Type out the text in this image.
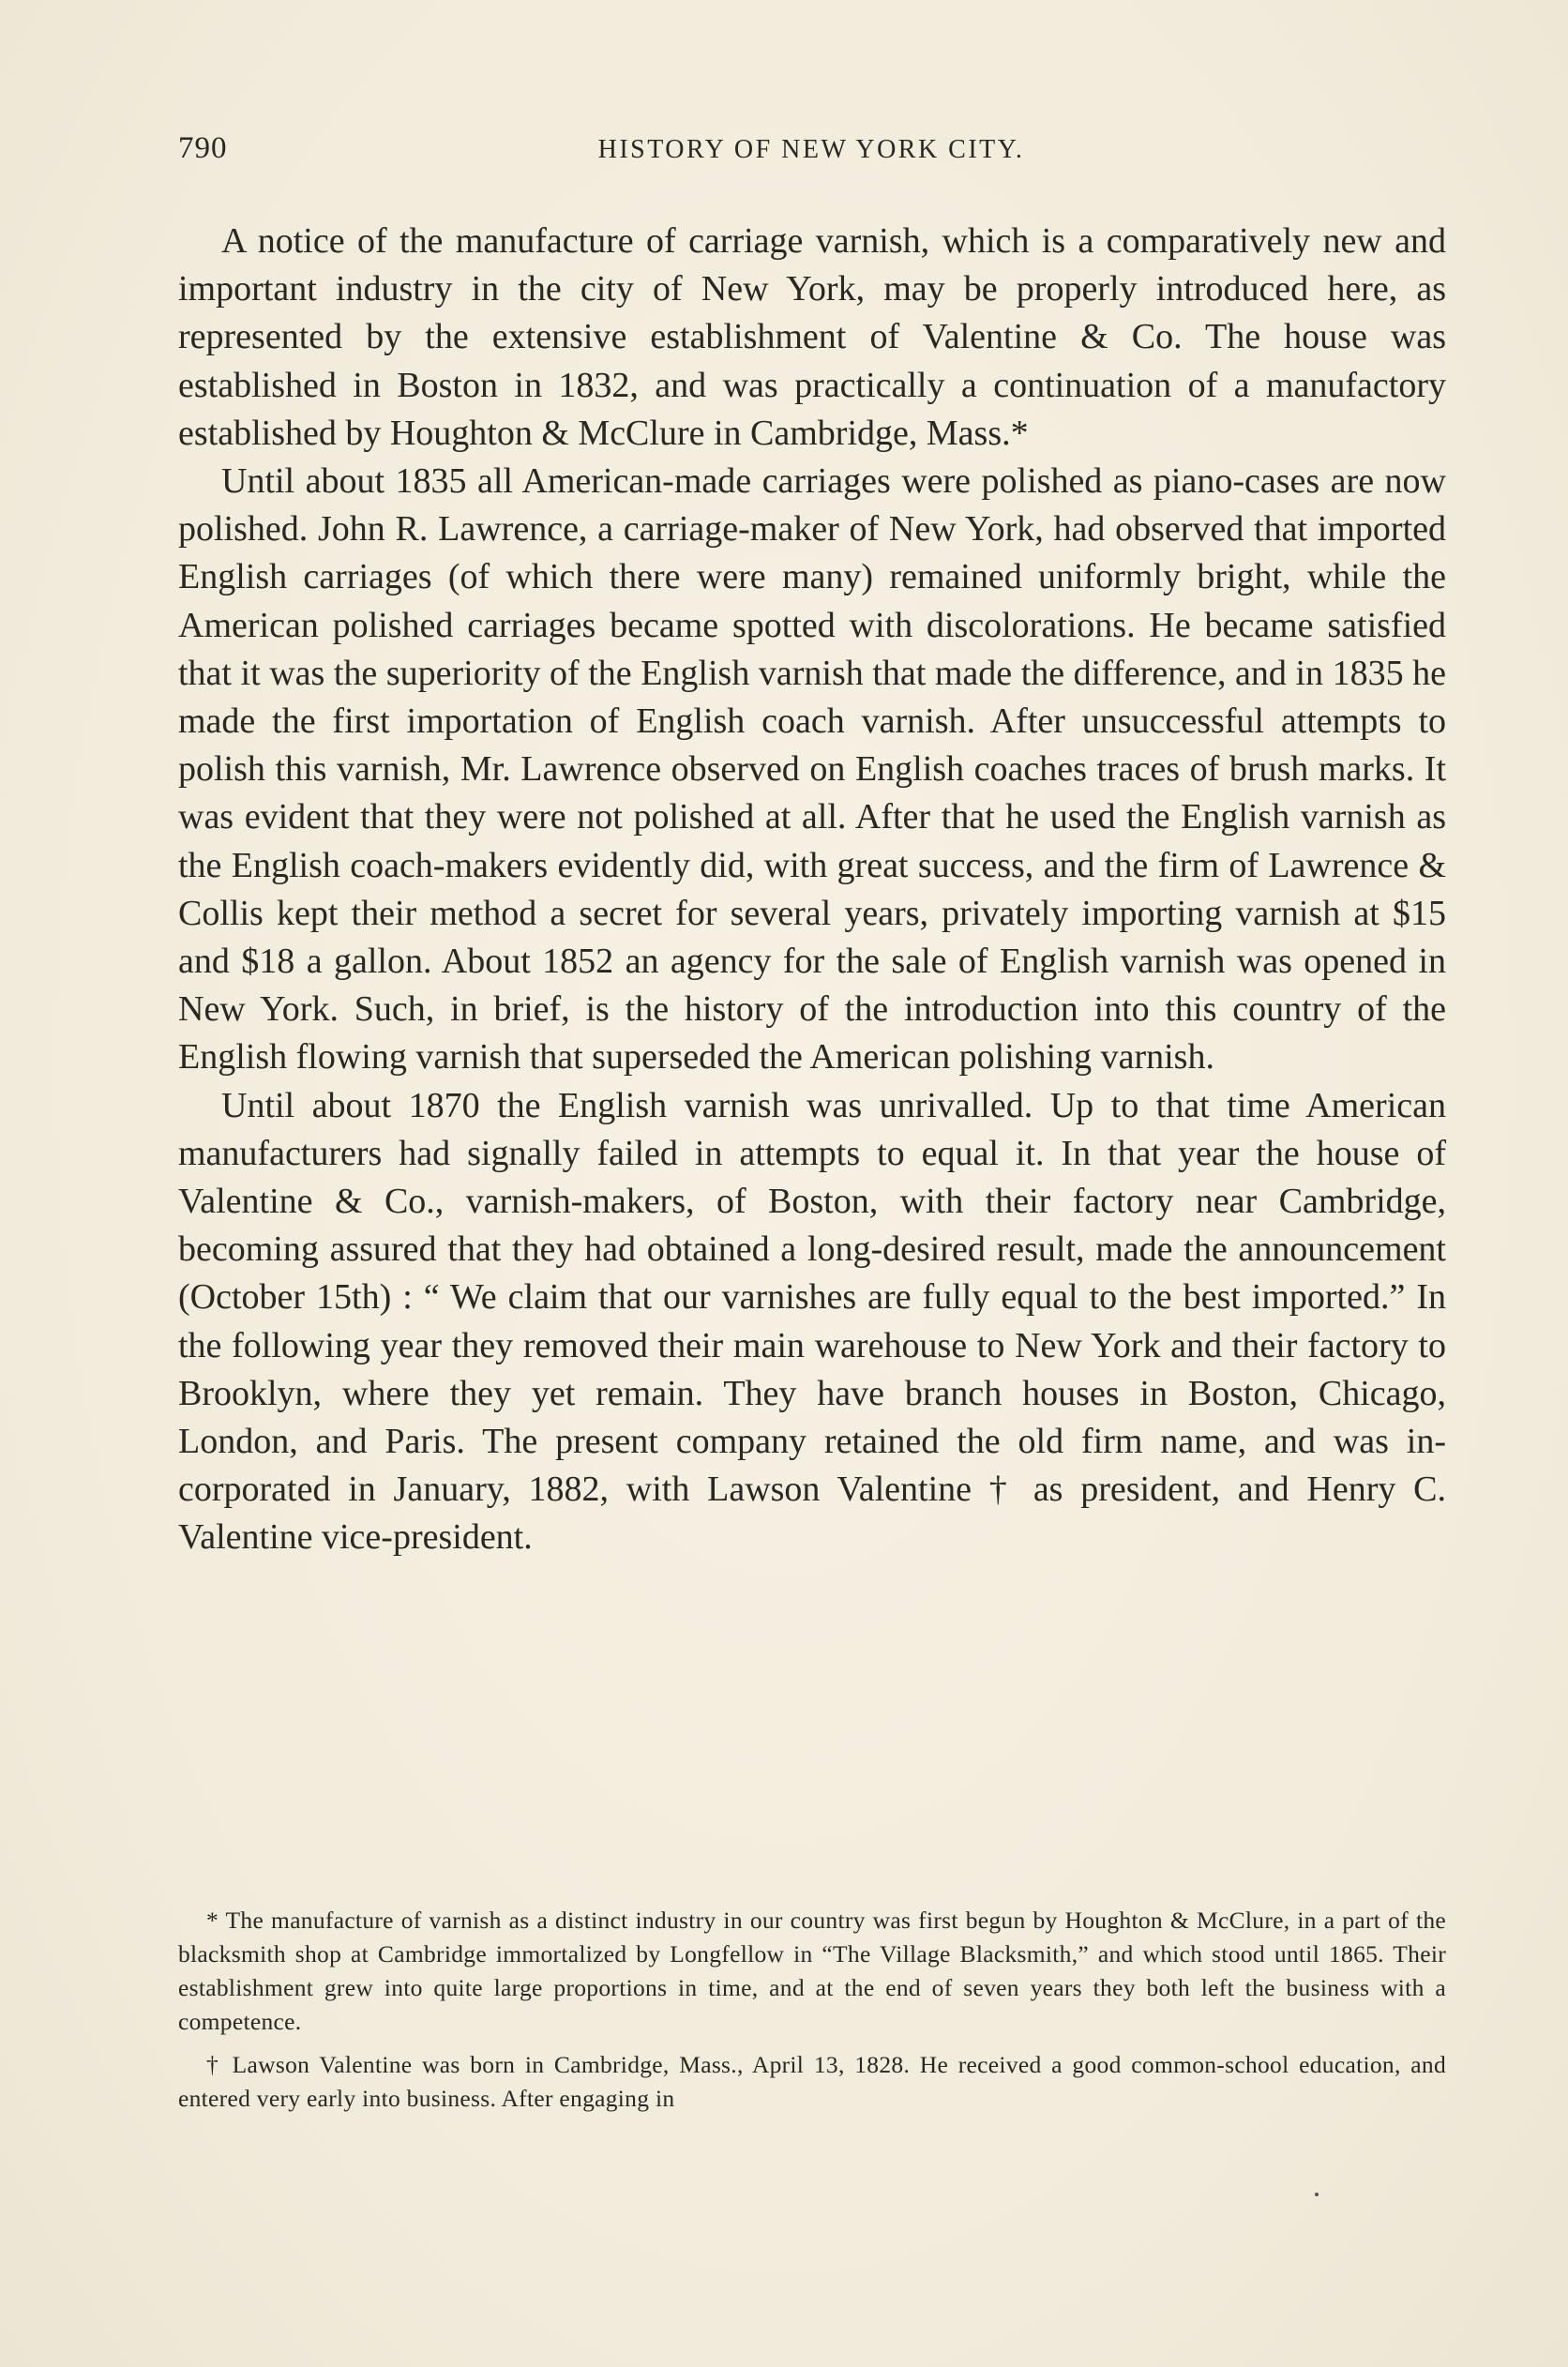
790	HISTORY OF NEW YORK CITY.

A notice of the manufacture of carriage varnish, which is a comparatively new and important industry in the city of New York, may be properly introduced here, as represented by the extensive establishment of Valentine & Co. The house was established in Boston in 1832, and was practically a continuation of a manufactory established by Houghton & McClure in Cambridge, Mass.*

Until about 1835 all American-made carriages were polished as piano-cases are now polished. John R. Lawrence, a carriage-maker of New York, had observed that imported English carriages (of which there were many) remained uniformly bright, while the American polished carriages became spotted with discolorations. He became satisfied that it was the superiority of the English varnish that made the difference, and in 1835 he made the first importation of English coach varnish. After unsuccessful attempts to polish this varnish, Mr. Lawrence observed on English coaches traces of brush marks. It was evident that they were not polished at all. After that he used the English varnish as the English coach-makers evidently did, with great success, and the firm of Lawrence & Collis kept their method a secret for several years, privately importing varnish at $15 and $18 a gallon. About 1852 an agency for the sale of English varnish was opened in New York. Such, in brief, is the history of the introduction into this country of the English flowing varnish that superseded the American polishing varnish.

Until about 1870 the English varnish was unrivalled. Up to that time American manufacturers had signally failed in attempts to equal it. In that year the house of Valentine & Co., varnish-makers, of Boston, with their factory near Cambridge, becoming assured that they had obtained a long-desired result, made the announcement (October 15th) : “ We claim that our varnishes are fully equal to the best imported.” In the following year they removed their main warehouse to New York and their factory to Brooklyn, where they yet remain. They have branch houses in Boston, Chicago, London, and Paris. The present company retained the old firm name, and was incorporated in January, 1882, with Lawson Valentine † as president, and Henry C. Valentine vice-president.

* The manufacture of varnish as a distinct industry in our country was first begun by Houghton & McClure, in a part of the blacksmith shop at Cambridge immortalized by Longfellow in “The Village Blacksmith,” and which stood until 1865. Their establishment grew into quite large proportions in time, and at the end of seven years they both left the business with a competence.

† Lawson Valentine was born in Cambridge, Mass., April 13, 1828. He received a good common-school education, and entered very early into business. After engaging in
